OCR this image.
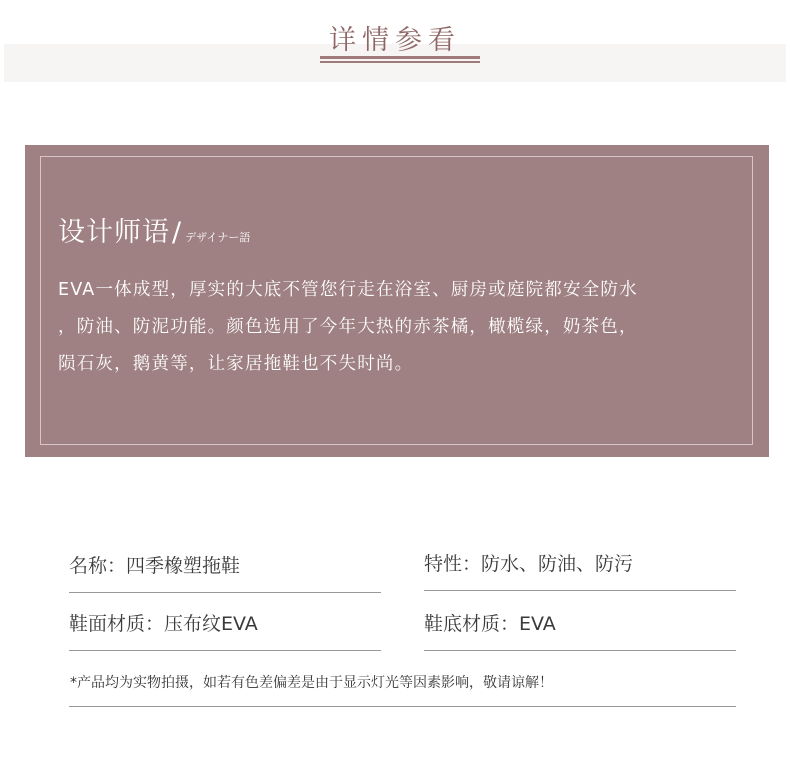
详情参看
设计师语/ デザイナー語
EVA一体成型，厚实的大底不管您行走在浴室、厨房或庭院都安全防水
，防油、防泥功能。颜色选用了今年大热的赤茶橘，橄榄绿，奶茶色，
陨石灰，鹅黄等，让家居拖鞋也不失时尚。
名称：四季橡塑拖鞋	特性：防水、防油、防污
鞋面材质：压布纹EVA	鞋底材质：EVA
*产品均为实物拍摄，如若有色差偏差是由于显示灯光等因素影响，敬请谅解！
